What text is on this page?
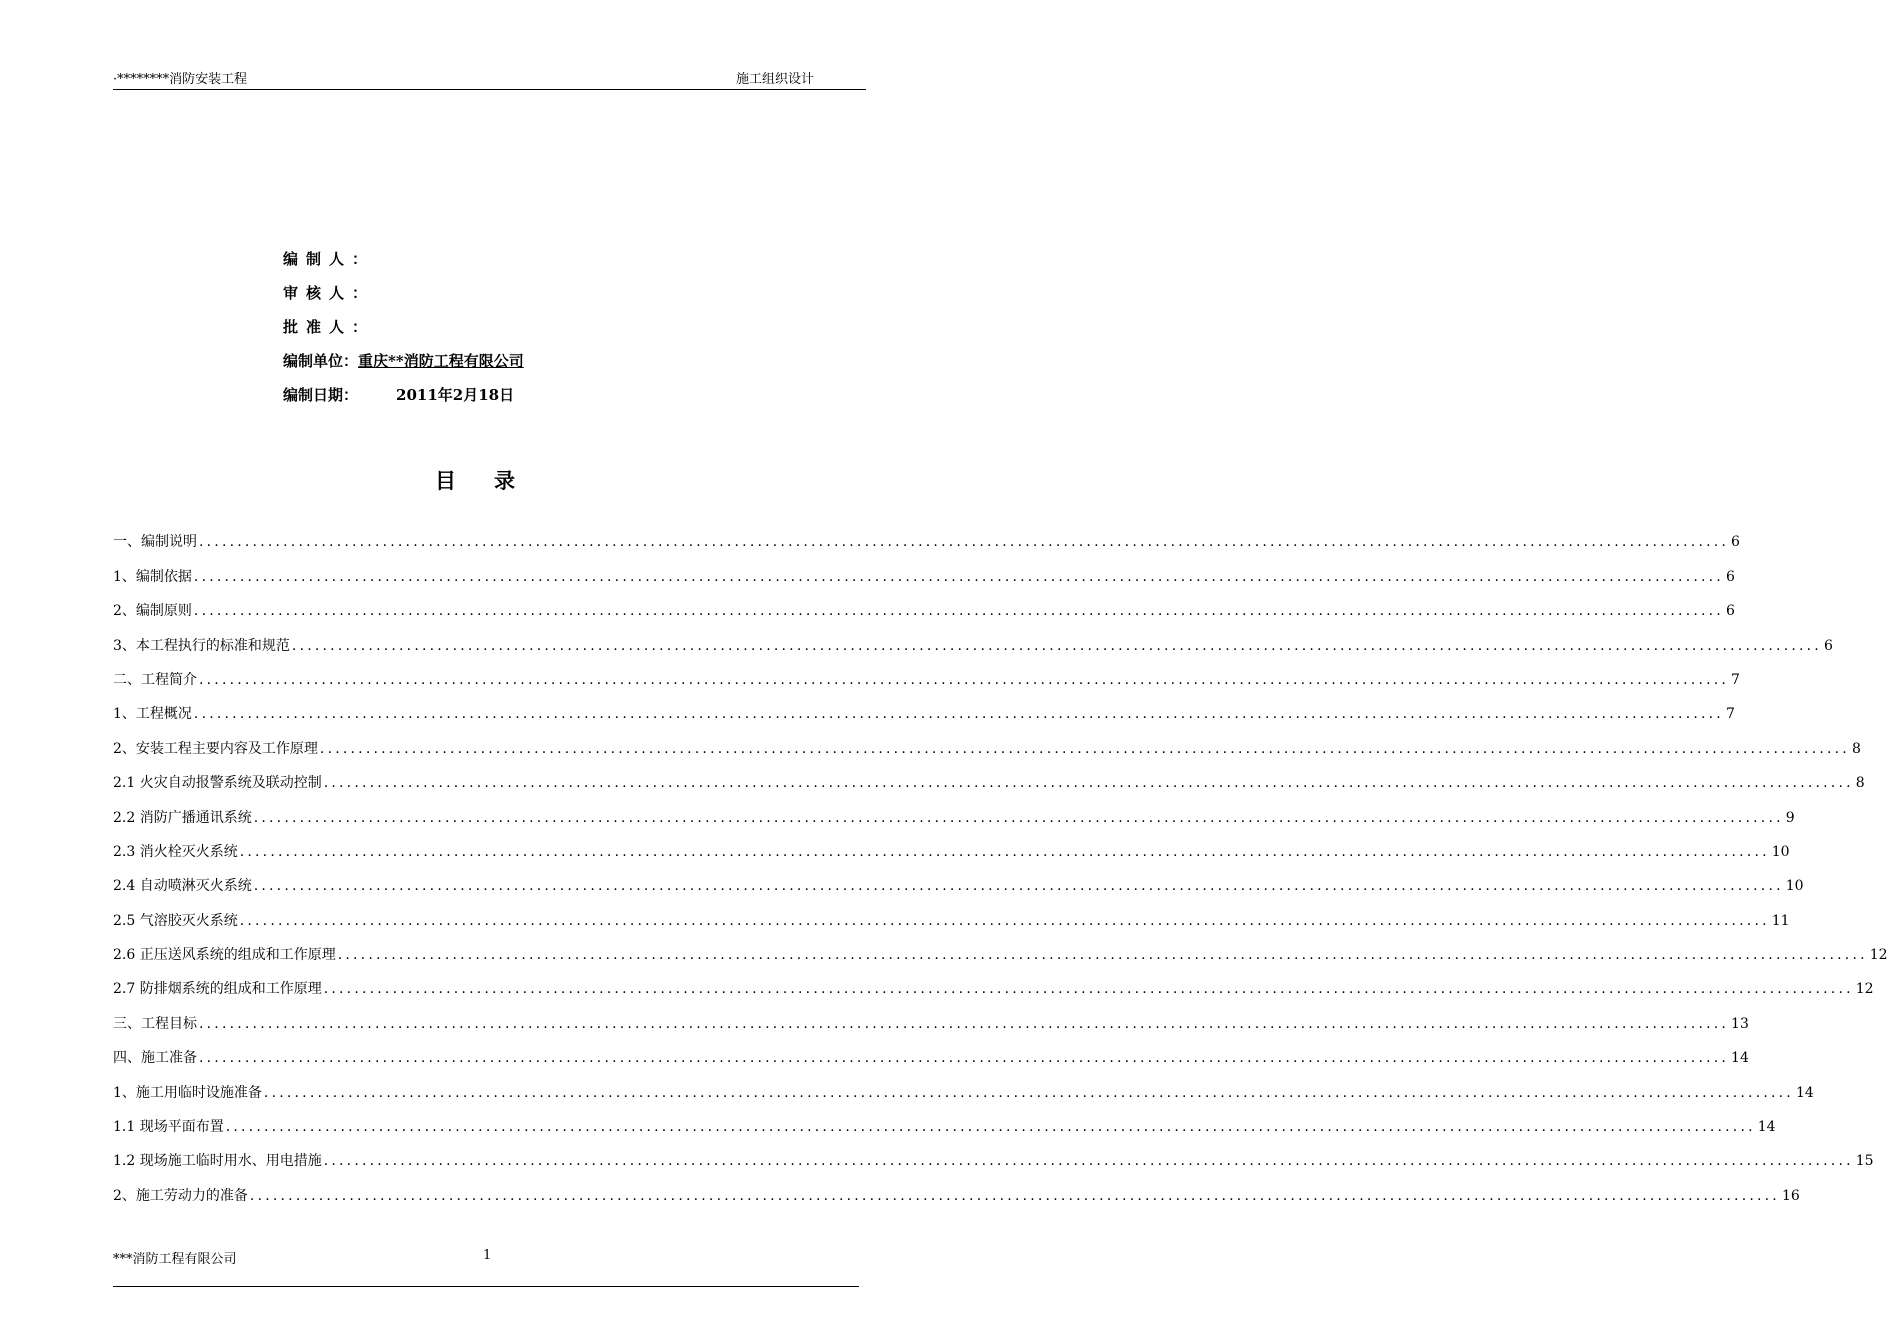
·********消防安装工程	施工组织设计
编制人：
审核人：
批准人：
编制单位：重庆**消防工程有限公司
编制日期：	2011年2月18日
目录
一、编制说明 ........................................................................................................................................................................................................ 6
1、编制依据 ........................................................................................................................................................................................................ 6
2、编制原则 ........................................................................................................................................................................................................ 6
3、本工程执行的标准和规范 ........................................................................................................................................................................................................ 6
二、工程简介 ........................................................................................................................................................................................................ 7
1、工程概况 ........................................................................................................................................................................................................ 7
2、安装工程主要内容及工作原理 ........................................................................................................................................................................................................ 8
2.1 火灾自动报警系统及联动控制 ........................................................................................................................................................................................................ 8
2.2 消防广播通讯系统 ........................................................................................................................................................................................................ 9
2.3 消火栓灭火系统 ........................................................................................................................................................................................................ 10
2.4 自动喷淋灭火系统 ........................................................................................................................................................................................................ 10
2.5 气溶胶灭火系统 ........................................................................................................................................................................................................ 11
2.6 正压送风系统的组成和工作原理 ........................................................................................................................................................................................................ 12
2.7 防排烟系统的组成和工作原理 ........................................................................................................................................................................................................ 12
三、工程目标 ........................................................................................................................................................................................................ 13
四、施工准备 ........................................................................................................................................................................................................ 14
1、施工用临时设施准备 ........................................................................................................................................................................................................ 14
1.1 现场平面布置 ........................................................................................................................................................................................................ 14
1.2 现场施工临时用水、用电措施 ........................................................................................................................................................................................................ 15
2、施工劳动力的准备 ........................................................................................................................................................................................................ 16
***消防工程有限公司	1
